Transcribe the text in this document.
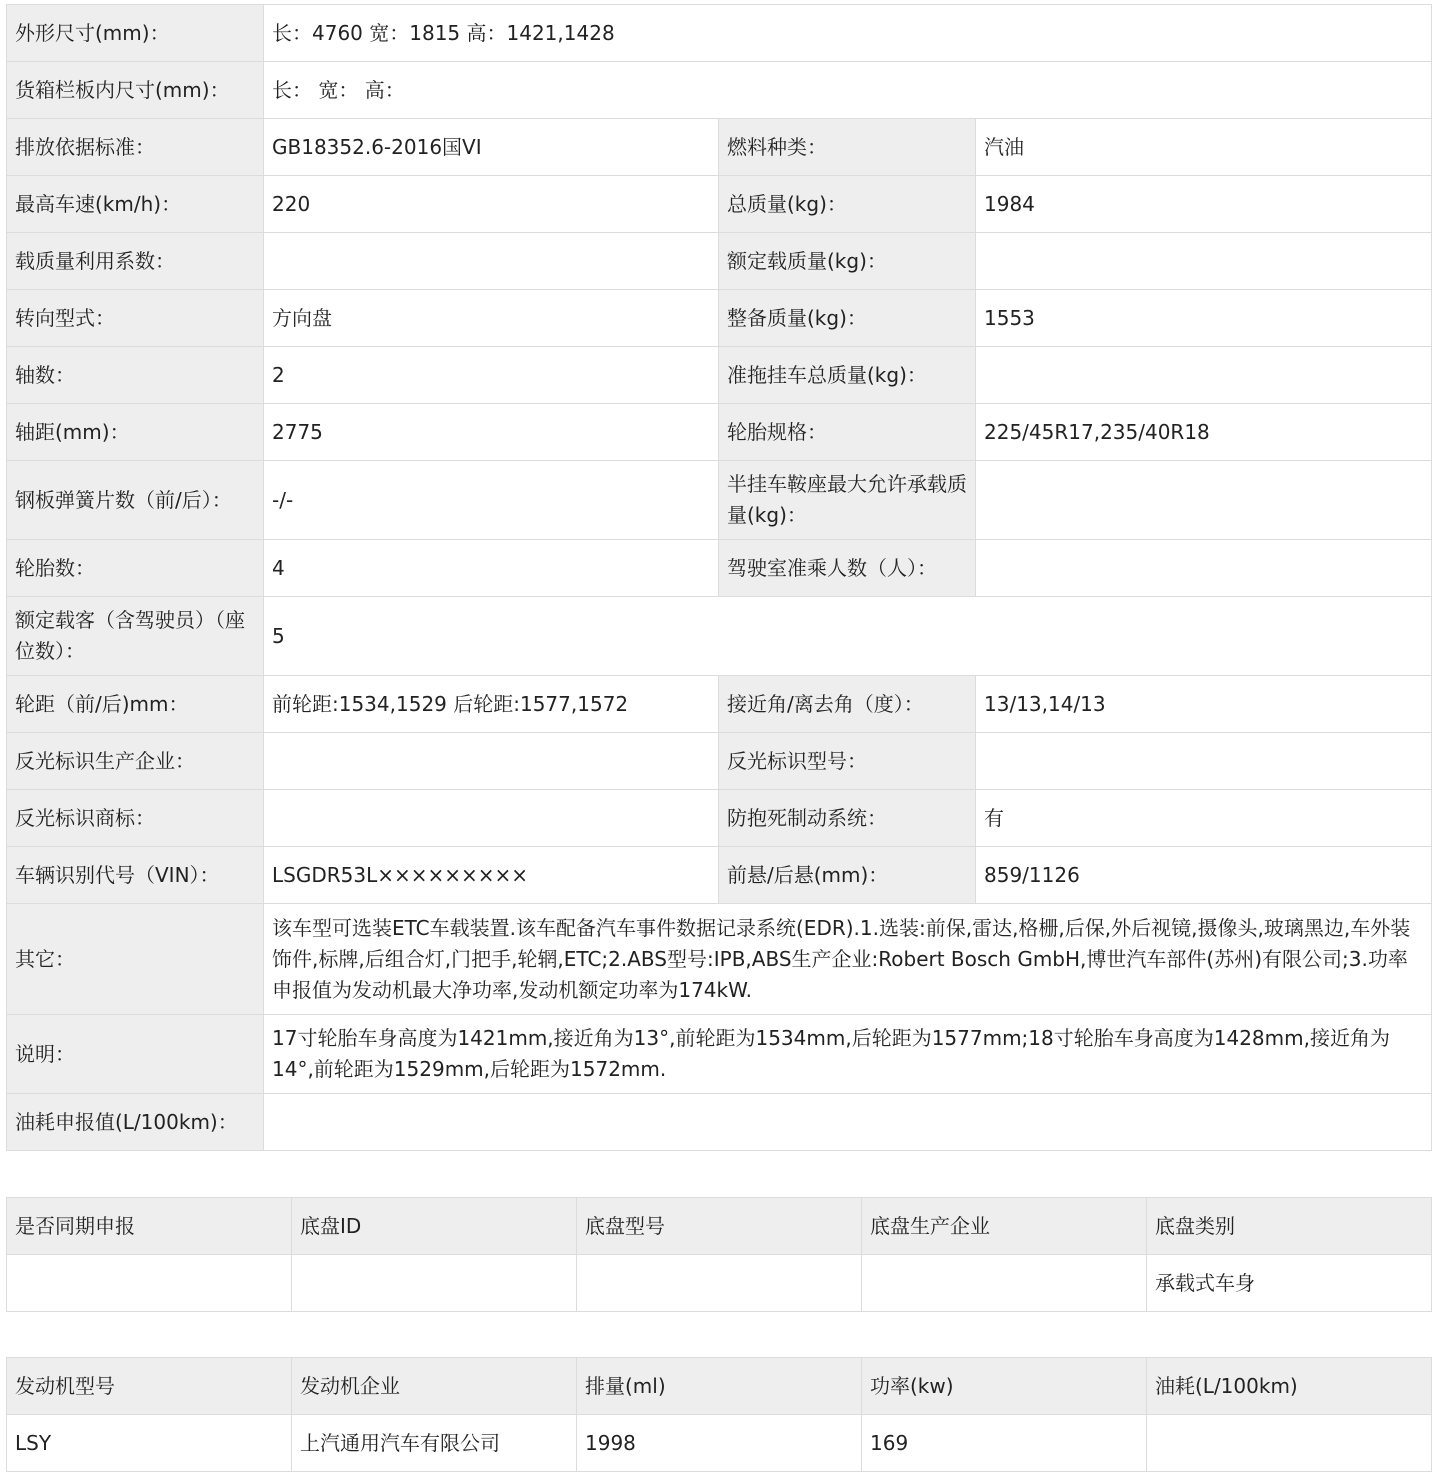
外形尺寸(mm)：	长：4760 宽：1815 高：1421,1428		
货箱栏板内尺寸(mm)：	长： 宽： 高：		
排放依据标准：	GB18352.6-2016国VI	燃料种类：	汽油
最高车速(km/h)：	220	总质量(kg)：	1984
载质量利用系数：		额定载质量(kg)：	
转向型式：	方向盘	整备质量(kg)：	1553
轴数：	2	准拖挂车总质量(kg)：	
轴距(mm)：	2775	轮胎规格：	225/45R17,235/40R18
钢板弹簧片数（前/后）：	-/-	半挂车鞍座最大允许承载质量(kg)：	
轮胎数：	4	驾驶室准乘人数（人）：	
额定载客（含驾驶员）（座位数）：	5		
轮距（前/后)mm：	前轮距:1534,1529 后轮距:1577,1572	接近角/离去角（度）：	13/13,14/13
反光标识生产企业：		反光标识型号：	
反光标识商标：		防抱死制动系统：	有
车辆识别代号（VIN）：	LSGDR53L×××××××××	前悬/后悬(mm)：	859/1126
其它：	该车型可选装ETC车载装置.该车配备汽车事件数据记录系统(EDR).1.选装:前保,雷达,格栅,后保,外后视镜,摄像头,玻璃黑边,车外装饰件,标牌,后组合灯,门把手,轮辋,ETC;2.ABS型号:IPB,ABS生产企业:Robert Bosch GmbH,博世汽车部件(苏州)有限公司;3.功率申报值为发动机最大净功率,发动机额定功率为174kW.		
说明：	17寸轮胎车身高度为1421mm,接近角为13°,前轮距为1534mm,后轮距为1577mm;18寸轮胎车身高度为1428mm,接近角为14°,前轮距为1529mm,后轮距为1572mm.		
油耗申报值(L/100km)：			
是否同期申报	底盘ID	底盘型号	底盘生产企业	底盘类别
				承载式车身
发动机型号	发动机企业	排量(ml)	功率(kw)	油耗(L/100km)
LSY	上汽通用汽车有限公司	1998	169	
